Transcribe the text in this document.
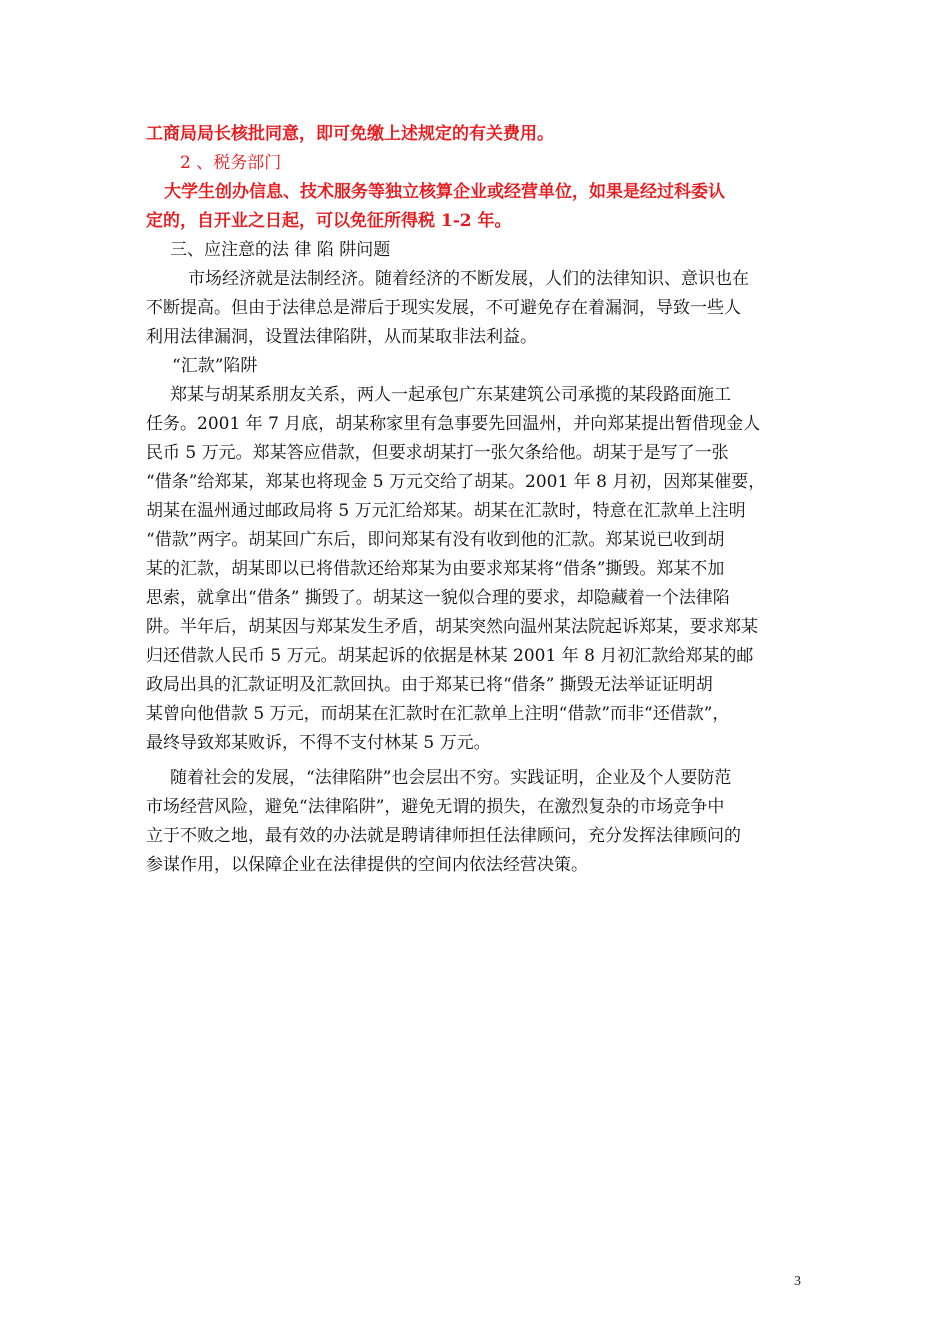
工商局局长核批同意，即可免缴上述规定的有关费用。
2 、税务部门
大学生创办信息、技术服务等独立核算企业或经营单位，如果是经过科委认
定的，自开业之日起，可以免征所得税 1-2 年。
三、应注意的法 律 陷 阱问题
市场经济就是法制经济。随着经济的不断发展，人们的法律知识、意识也在
不断提高。但由于法律总是滞后于现实发展，不可避免存在着漏洞，导致一些人
利用法律漏洞，设置法律陷阱，从而某取非法利益。
“汇款”陷阱
郑某与胡某系朋友关系，两人一起承包广东某建筑公司承揽的某段路面施工
任务。2001 年 7 月底，胡某称家里有急事要先回温州，并向郑某提出暂借现金人
民币 5 万元。郑某答应借款，但要求胡某打一张欠条给他。胡某于是写了一张
“借条”给郑某，郑某也将现金 5 万元交给了胡某。2001 年 8 月初，因郑某催要，
胡某在温州通过邮政局将 5 万元汇给郑某。胡某在汇款时，特意在汇款单上注明
“借款”两字。胡某回广东后，即问郑某有没有收到他的汇款。郑某说已收到胡
某的汇款，胡某即以已将借款还给郑某为由要求郑某将“借条”撕毁。郑某不加
思索，就拿出“借条” 撕毁了。胡某这一貌似合理的要求，却隐藏着一个法律陷
阱。半年后，胡某因与郑某发生矛盾，胡某突然向温州某法院起诉郑某，要求郑某
归还借款人民币 5 万元。胡某起诉的依据是林某 2001 年 8 月初汇款给郑某的邮
政局出具的汇款证明及汇款回执。由于郑某已将“借条” 撕毁无法举证证明胡
某曾向他借款 5 万元，而胡某在汇款时在汇款单上注明“借款”而非“还借款”，
最终导致郑某败诉，不得不支付林某 5 万元。
随着社会的发展，“法律陷阱”也会层出不穷。实践证明，企业及个人要防范
市场经营风险，避免“法律陷阱”，避免无谓的损失，在激烈复杂的市场竞争中
立于不败之地，最有效的办法就是聘请律师担任法律顾问，充分发挥法律顾问的
参谋作用，以保障企业在法律提供的空间内依法经营决策。
3
